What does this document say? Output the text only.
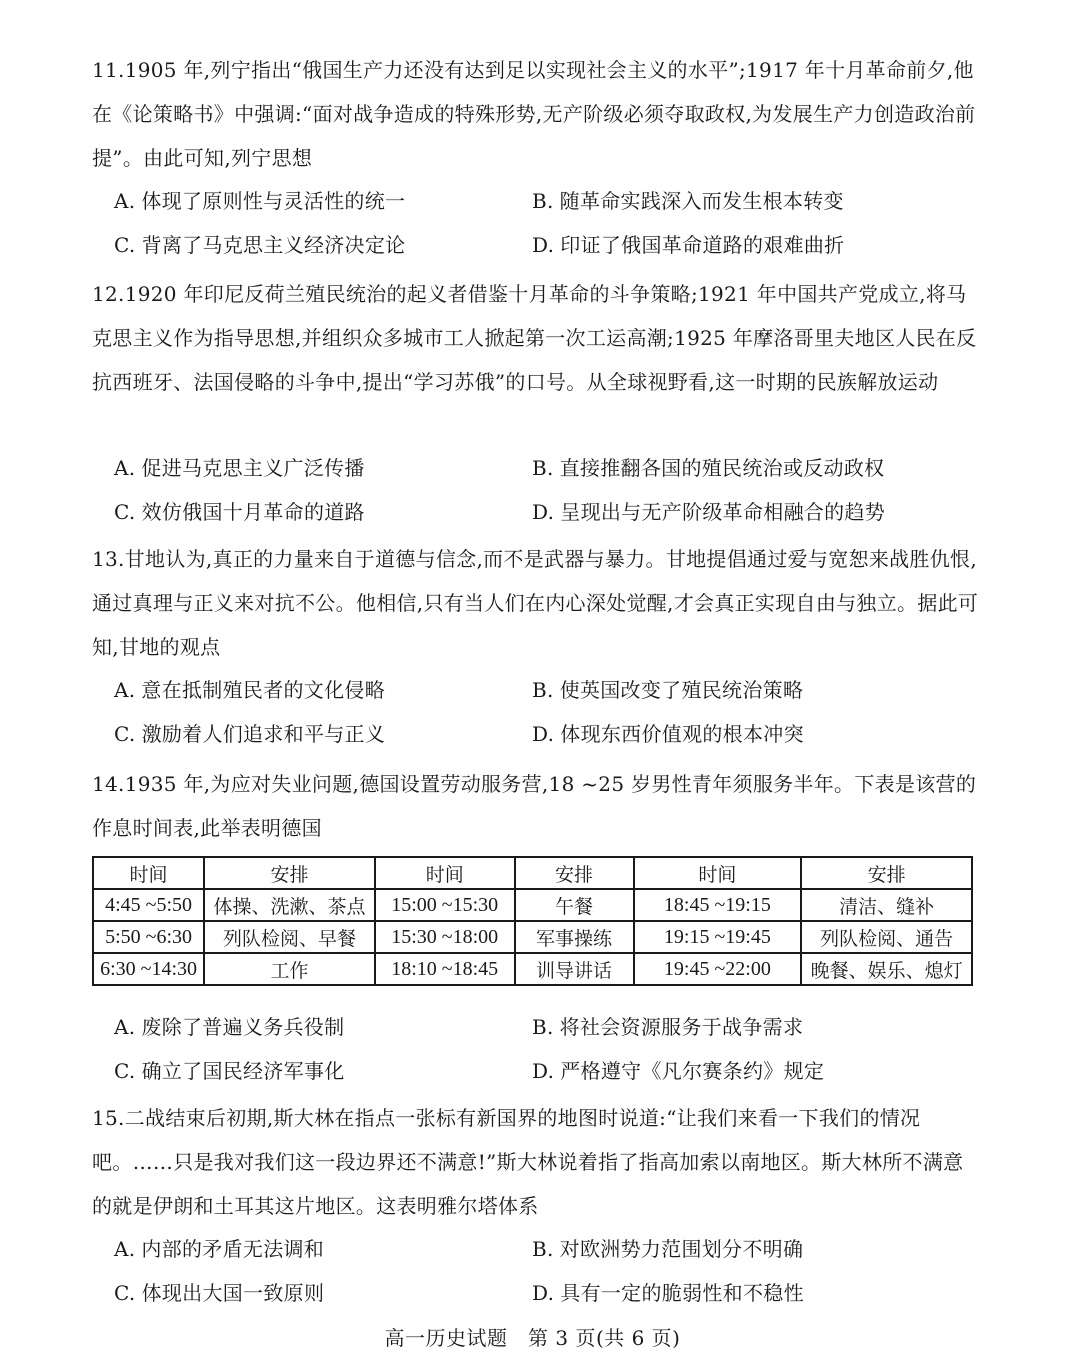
11.1905 年,列宁指出“俄国生产力还没有达到足以实现社会主义的水平”;1917 年十月革命前夕,他在《论策略书》中强调:“面对战争造成的特殊形势,无产阶级必须夺取政权,为发展生产力创造政治前提”。由此可知,列宁思想
A. 体现了原则性与灵活性的统一	B. 随革命实践深入而发生根本转变
C. 背离了马克思主义经济决定论	D. 印证了俄国革命道路的艰难曲折
12.1920 年印尼反荷兰殖民统治的起义者借鉴十月革命的斗争策略;1921 年中国共产党成立,将马克思主义作为指导思想,并组织众多城市工人掀起第一次工运高潮;1925 年摩洛哥里夫地区人民在反抗西班牙、法国侵略的斗争中,提出“学习苏俄”的口号。从全球视野看,这一时期的民族解放运动
A. 促进马克思主义广泛传播	B. 直接推翻各国的殖民统治或反动政权
C. 效仿俄国十月革命的道路	D. 呈现出与无产阶级革命相融合的趋势
13.甘地认为,真正的力量来自于道德与信念,而不是武器与暴力。甘地提倡通过爱与宽恕来战胜仇恨,通过真理与正义来对抗不公。他相信,只有当人们在内心深处觉醒,才会真正实现自由与独立。据此可知,甘地的观点
A. 意在抵制殖民者的文化侵略	B. 使英国改变了殖民统治策略
C. 激励着人们追求和平与正义	D. 体现东西价值观的根本冲突
14.1935 年,为应对失业问题,德国设置劳动服务营,18 ~25 岁男性青年须服务半年。下表是该营的作息时间表,此举表明德国
时间	安排	时间	安排	时间	安排
4:45 ~5:50	体操、洗漱、茶点	15:00 ~15:30	午餐	18:45 ~19:15	清洁、缝补
5:50 ~6:30	列队检阅、早餐	15:30 ~18:00	军事操练	19:15 ~19:45	列队检阅、通告
6:30 ~14:30	工作	18:10 ~18:45	训导讲话	19:45 ~22:00	晚餐、娱乐、熄灯
A. 废除了普遍义务兵役制	B. 将社会资源服务于战争需求
C. 确立了国民经济军事化	D. 严格遵守《凡尔赛条约》规定
15.二战结束后初期,斯大林在指点一张标有新国界的地图时说道:“让我们来看一下我们的情况吧。……只是我对我们这一段边界还不满意!”斯大林说着指了指高加索以南地区。斯大林所不满意的就是伊朗和土耳其这片地区。这表明雅尔塔体系
A. 内部的矛盾无法调和	B. 对欧洲势力范围划分不明确
C. 体现出大国一致原则	D. 具有一定的脆弱性和不稳性
高一历史试题　第 3 页(共 6 页)
